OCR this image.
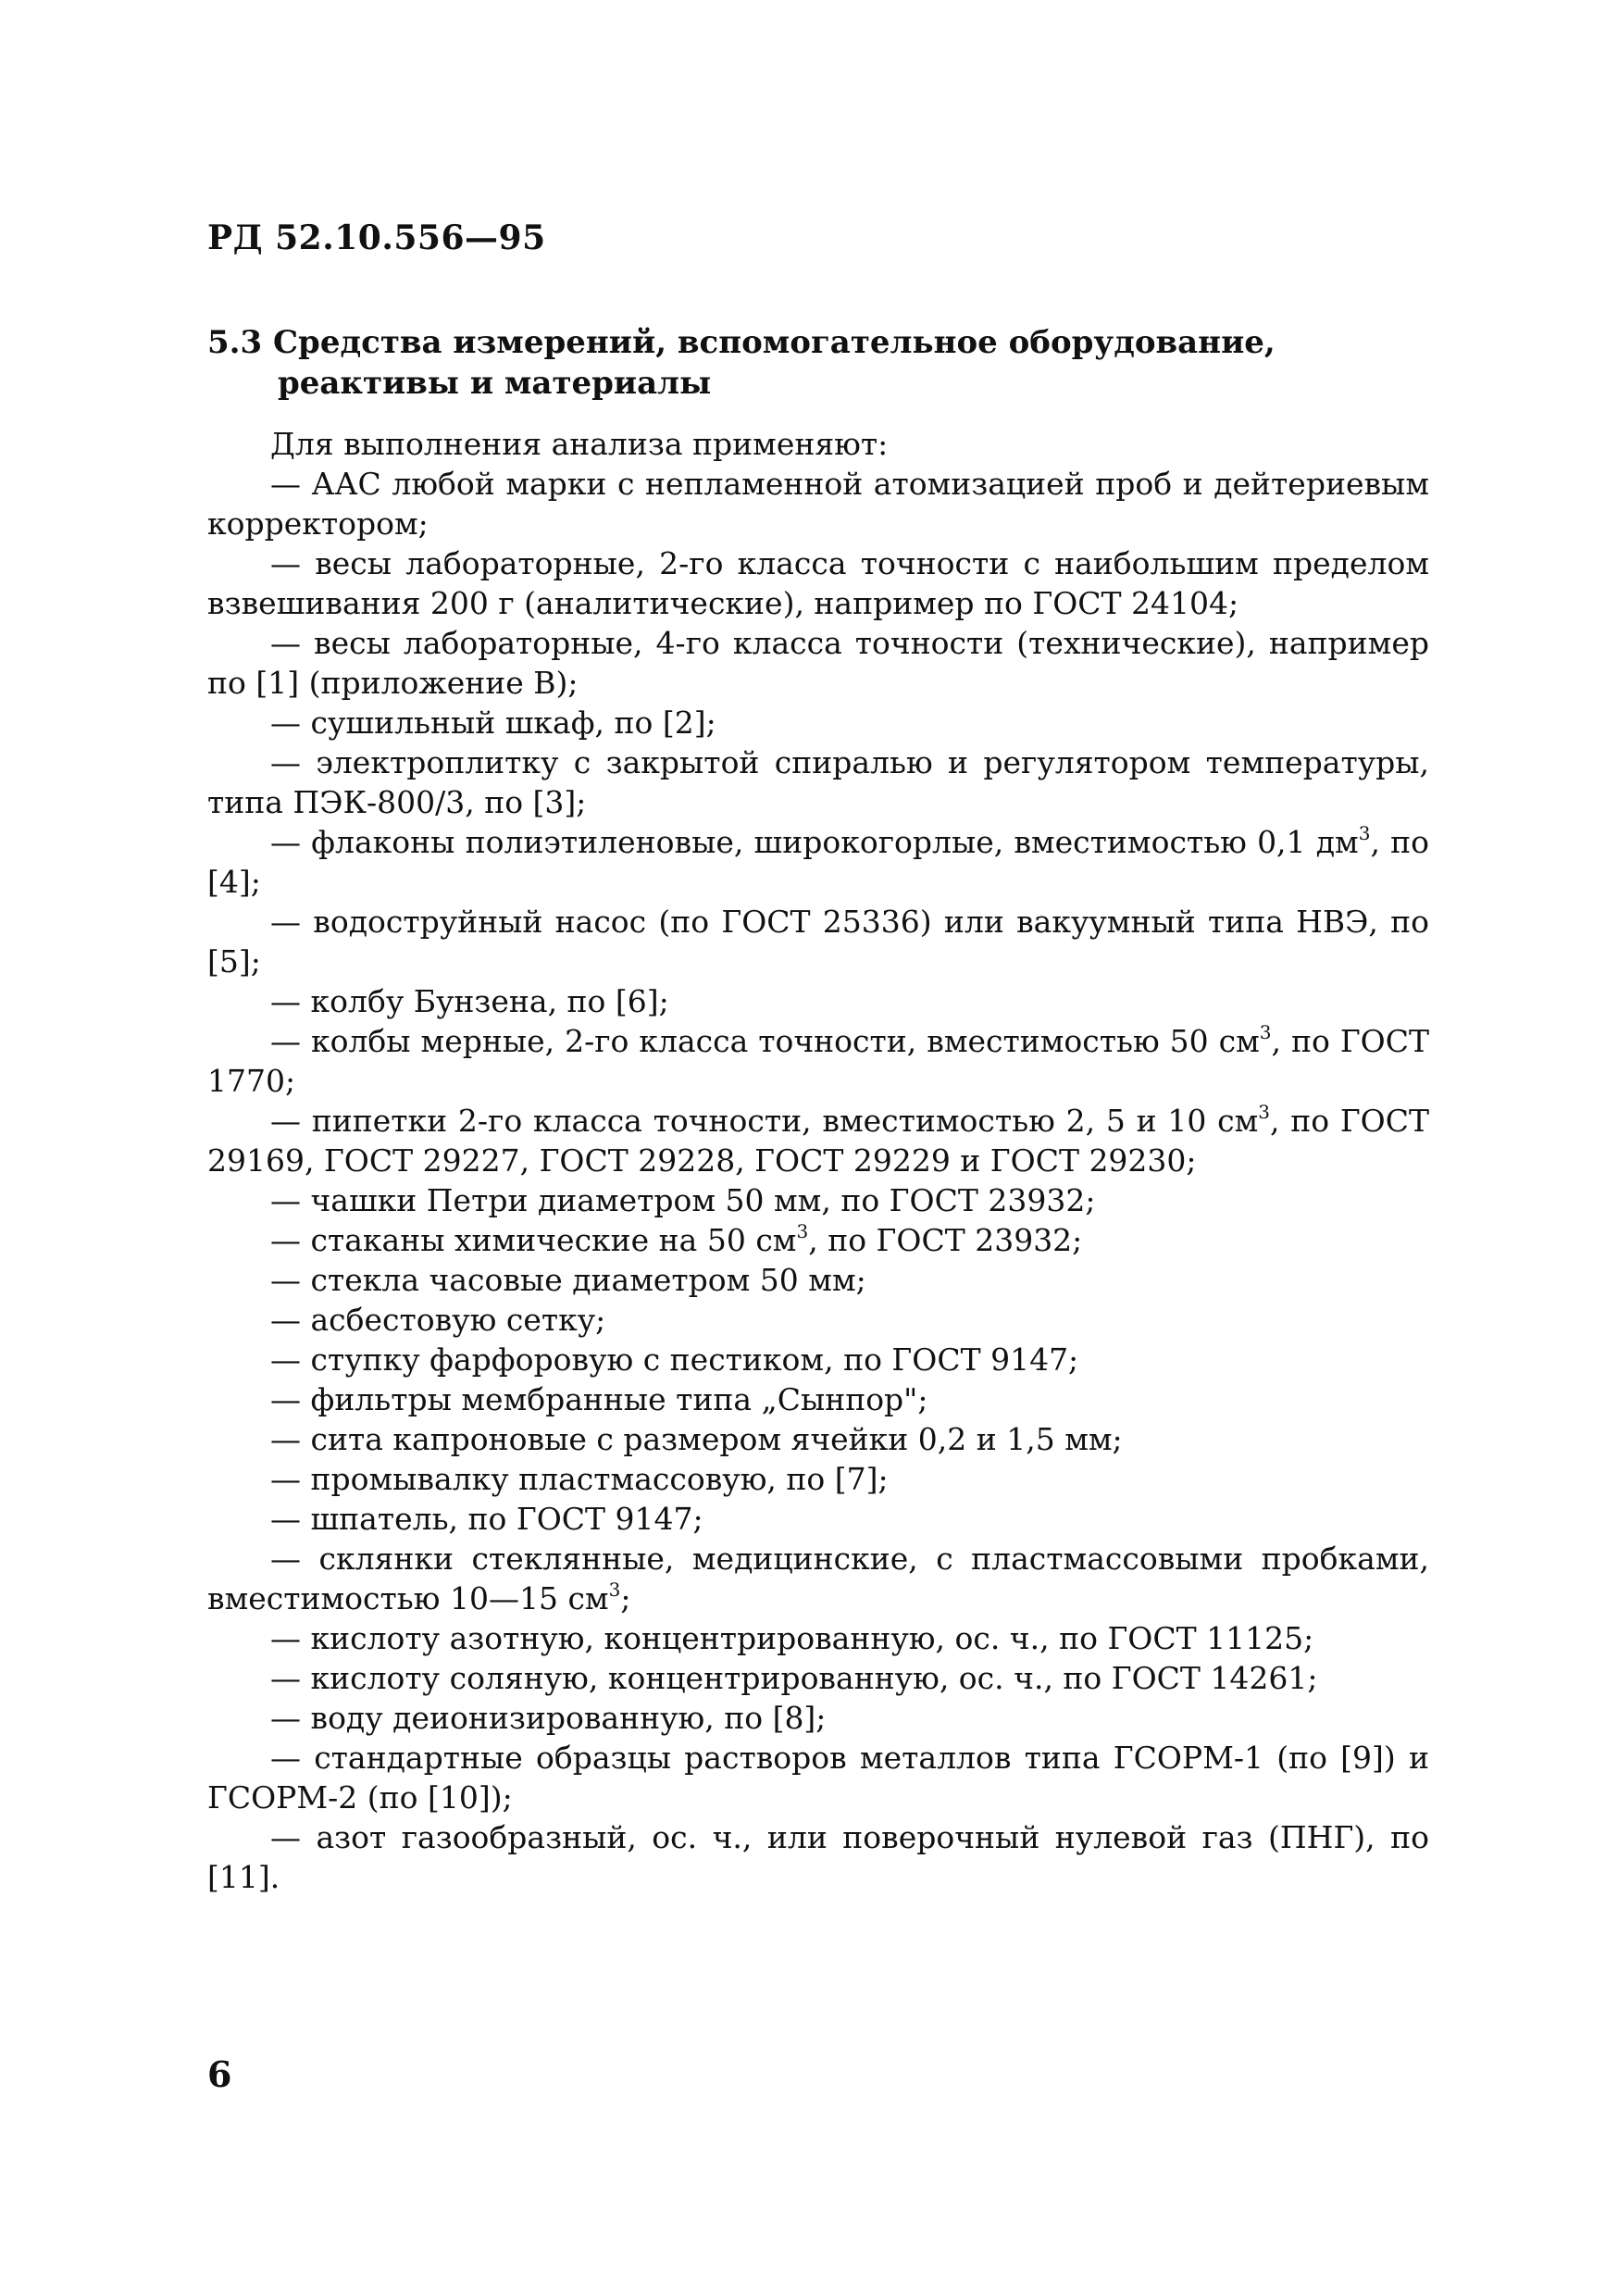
РД 52.10.556—95
5.3 Средства измерений, вспомогательное оборудование,
реактивы и материалы

Для выполнения анализа применяют:

— ААС любой марки с непламенной атомизацией проб и дейтериевым корректором;

— весы лабораторные, 2-го класса точности с наибольшим пределом взвешивания 200 г (аналитические), например по ГОСТ 24104;

— весы лабораторные, 4-го класса точности (технические), например по [1] (приложение В);

— сушильный шкаф, по [2];

— электроплитку с закрытой спиралью и регулятором температуры, типа ПЭК-800/3, по [3];

— флаконы полиэтиленовые, широкогорлые, вместимостью 0,1 $дм^3$, по [4];

— водоструйный насос (по ГОСТ 25336) или вакуумный типа НВЭ, по [5];

— колбу Бунзена, по [6];

— колбы мерные, 2-го класса точности, вместимостью 50 $см^3$, по ГОСТ 1770;

— пипетки 2-го класса точности, вместимостью 2, 5 и 10 $см^3$, по ГОСТ 29169, ГОСТ 29227, ГОСТ 29228, ГОСТ 29229 и ГОСТ 29230;

— чашки Петри диаметром 50 мм, по ГОСТ 23932;

— стаканы химические на 50 $см^3$, по ГОСТ 23932;

— стекла часовые диаметром 50 мм;

— асбестовую сетку;

— ступку фарфоровую с пестиком, по ГОСТ 9147;

— фильтры мембранные типа „Сынпор";

— сита капроновые с размером ячейки 0,2 и 1,5 мм;

— промывалку пластмассовую, по [7];

— шпатель, по ГОСТ 9147;

— склянки стеклянные, медицинские, с пластмассовыми пробками, вместимостью 10—15 $см^3$;

— кислоту азотную, концентрированную, ос. ч., по ГОСТ 11125;

— кислоту соляную, концентрированную, ос. ч., по ГОСТ 14261;

— воду деионизированную, по [8];

— стандартные образцы растворов металлов типа ГСОРМ-1 (по [9]) и ГСОРМ-2 (по [10]);

— азот газообразный, ос. ч., или поверочный нулевой газ (ПНГ), по [11].

6
